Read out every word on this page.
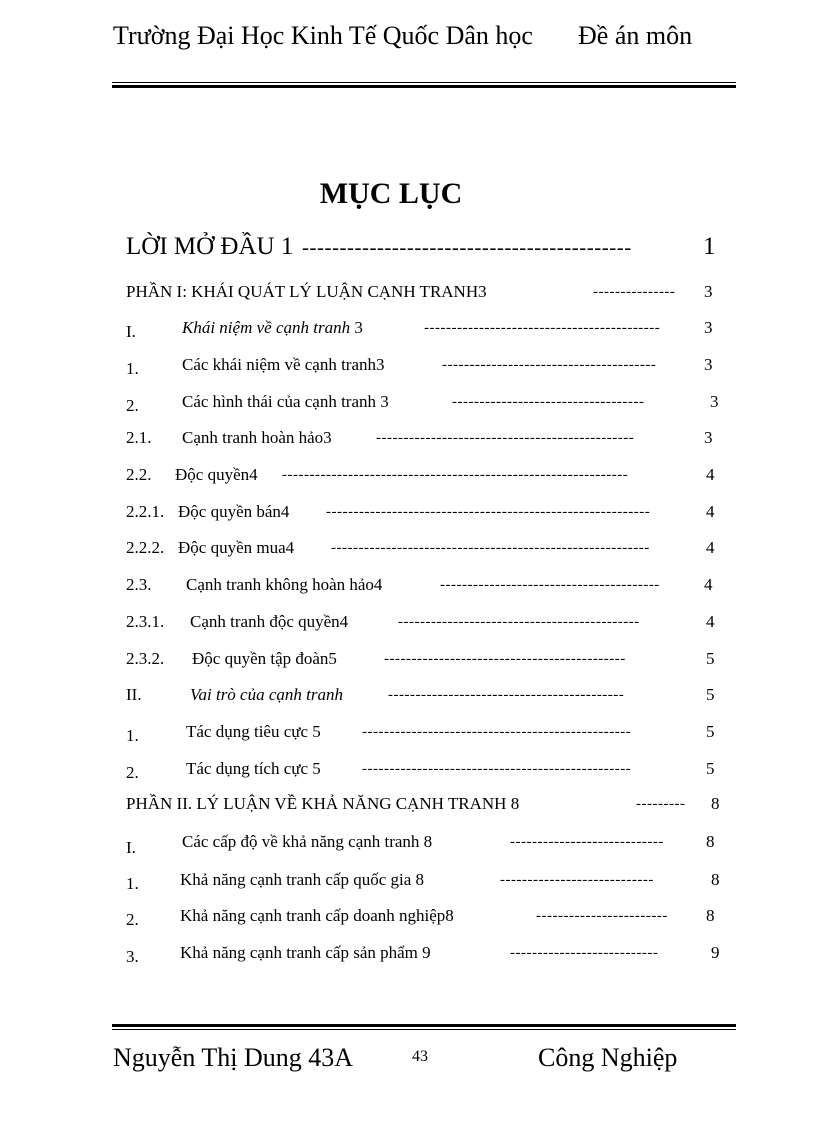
Trường Đại Học Kinh Tế Quốc Dân học Đề án môn
MỤC LỤC
LỜI MỞ ĐẦU 1 --------------------------------------------	1
PHẦN I: KHÁI QUÁT LÝ LUẬN CẠNH TRANH3	---------------	3
I.	Khái niệm về cạnh tranh 3	-------------------------------------------	3
1.	Các khái niệm về cạnh tranh3	---------------------------------------	3
2.	Các hình thái của cạnh tranh 3	-----------------------------------	3
2.1. Cạnh tranh hoàn hảo3	-----------------------------------------------	3
2.2. Độc quyền4 ---------------------------------------------------------------	4
2.2.1. Độc quyền bán4 -----------------------------------------------------------	4
2.2.2. Độc quyền mua4 ----------------------------------------------------------	4
2.3. Cạnh tranh không hoàn hảo4	----------------------------------------	4
2.3.1. Cạnh tranh độc quyền4	--------------------------------------------	4
2.3.2. Độc quyền tập đoàn5	--------------------------------------------	5
II.	Vai trò của cạnh tranh	-------------------------------------------	5
1.	Tác dụng tiêu cực 5	-------------------------------------------------	5
2.	Tác dụng tích cực 5	-------------------------------------------------	5
PHẦN II. LÝ LUẬN VỀ KHẢ NĂNG CẠNH TRANH 8	---------	8
I.	Các cấp độ về khả năng cạnh tranh 8	----------------------------	8
1. Khả năng cạnh tranh cấp quốc gia 8	----------------------------	8
2. Khả năng cạnh tranh cấp doanh nghiệp8	------------------------	8
3. Khả năng cạnh tranh cấp sản phẩm 9	---------------------------	9
Nguyễn Thị Dung 43A	43	Công Nghiệp
